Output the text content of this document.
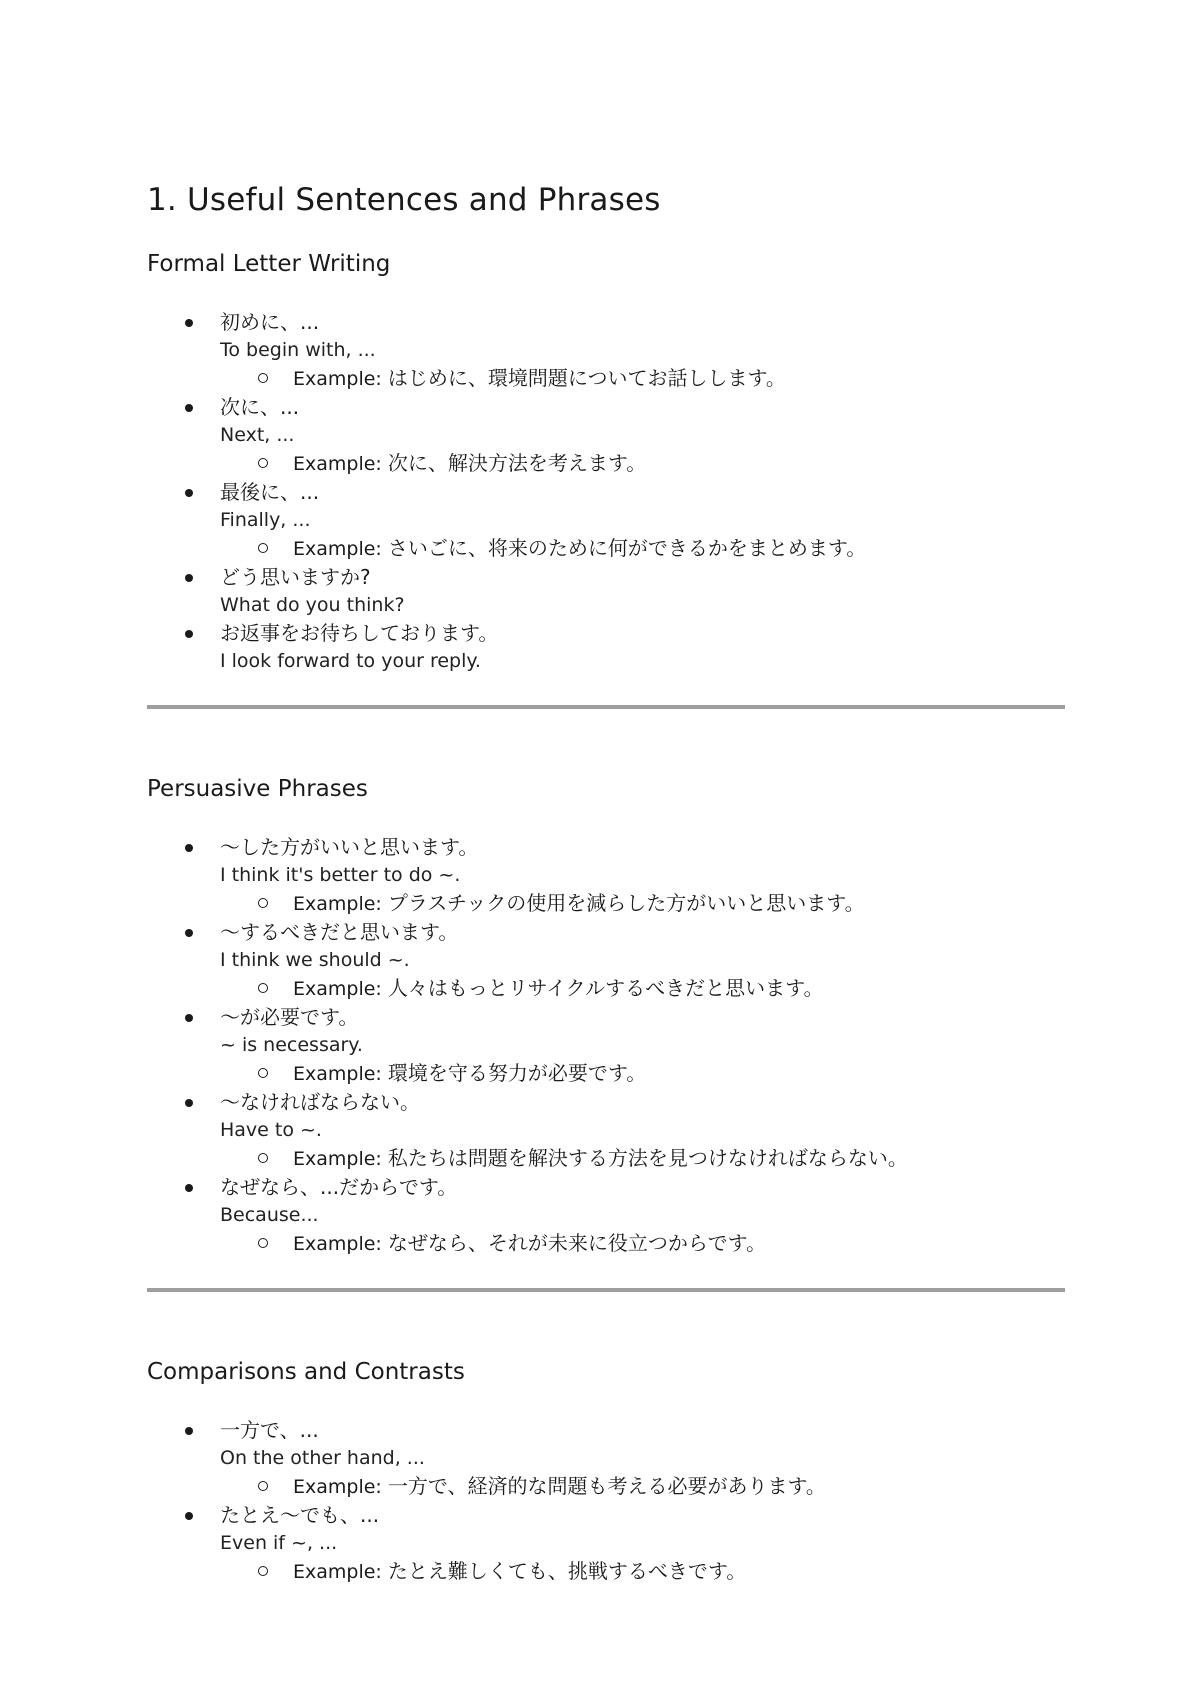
1. Useful Sentences and Phrases
Formal Letter Writing
初めに、...
To begin with, ...
Example: はじめに、環境問題についてお話しします。
次に、...
Next, ...
Example: 次に、解決方法を考えます。
最後に、...
Finally, ...
Example: さいごに、将来のために何ができるかをまとめます。
どう思いますか?
What do you think?
お返事をお待ちしております。
I look forward to your reply.
Persuasive Phrases
〜した方がいいと思います。
I think it's better to do ~.
Example: プラスチックの使用を減らした方がいいと思います。
〜するべきだと思います。
I think we should ~.
Example: 人々はもっとリサイクルするべきだと思います。
〜が必要です。
~ is necessary.
Example: 環境を守る努力が必要です。
〜なければならない。
Have to ~.
Example: 私たちは問題を解決する方法を見つけなければならない。
なぜなら、...だからです。
Because...
Example: なぜなら、それが未来に役立つからです。
Comparisons and Contrasts
一方で、...
On the other hand, ...
Example: 一方で、経済的な問題も考える必要があります。
たとえ〜でも、...
Even if ~, ...
Example: たとえ難しくても、挑戦するべきです。
